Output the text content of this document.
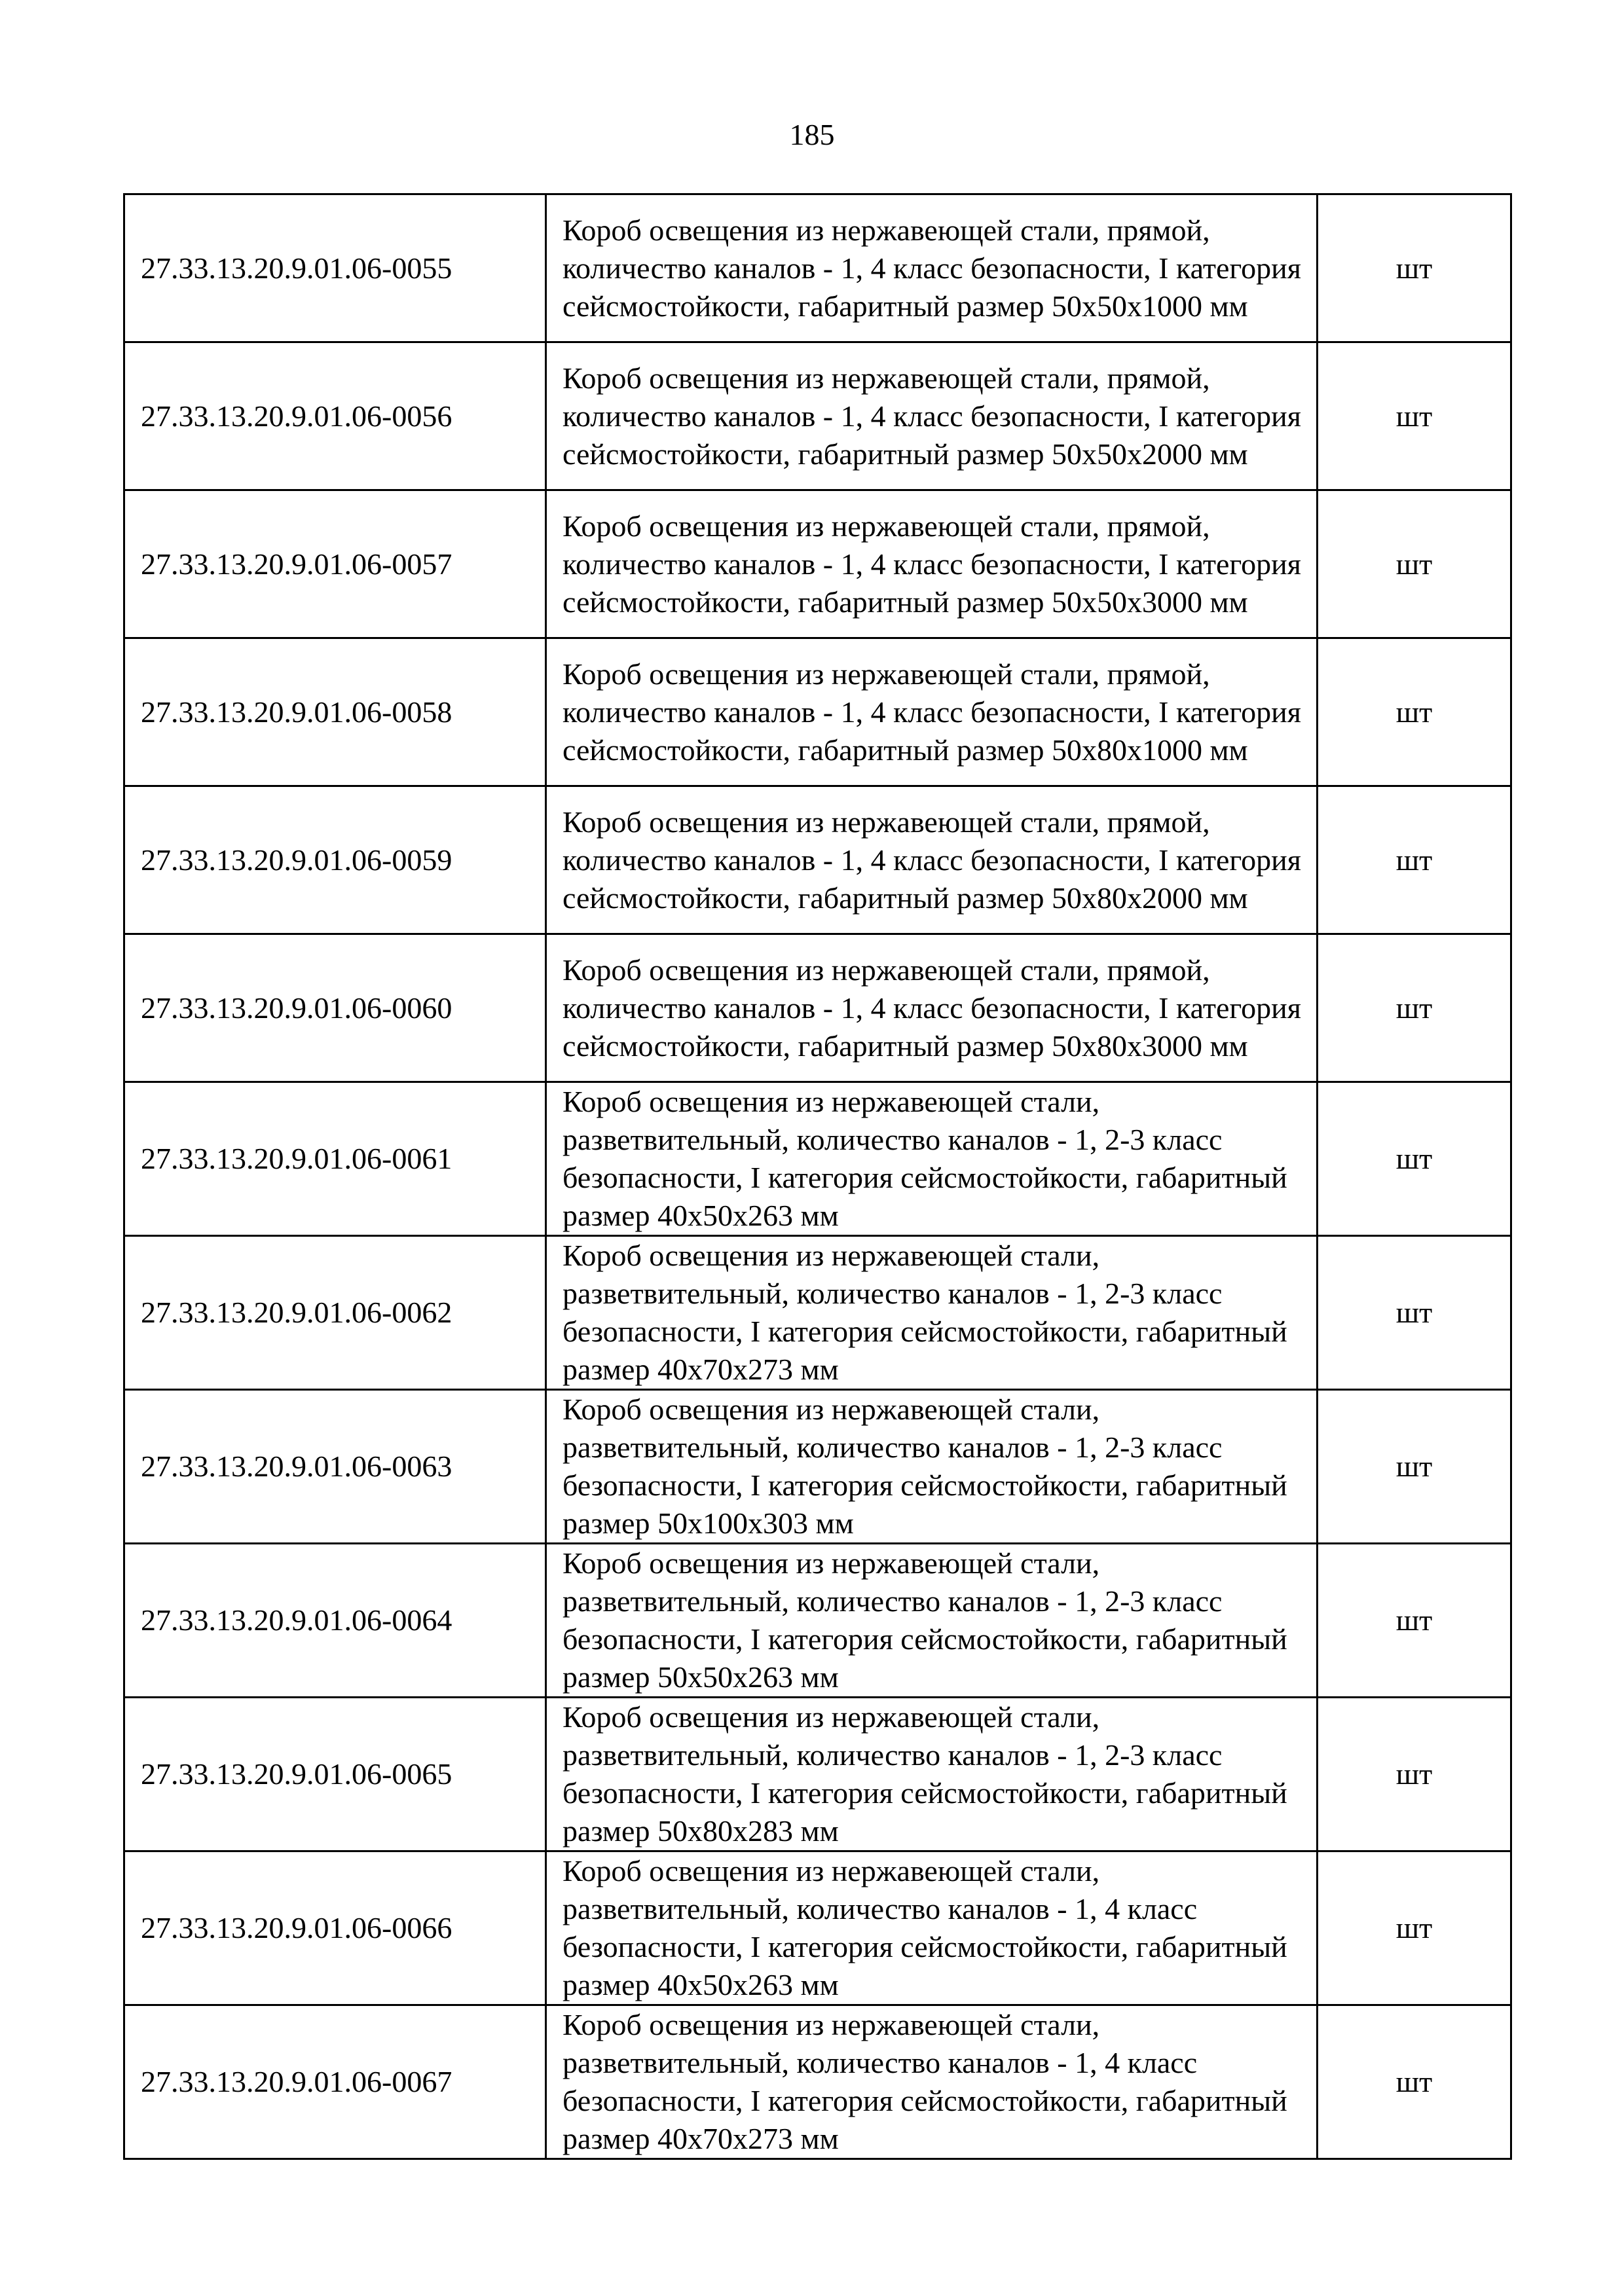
185
27.33.13.20.9.01.06-0055	Короб освещения из нержавеющей стали, прямой, количество каналов - 1, 4 класс безопасности, I категория сейсмостойкости, габаритный размер 50х50х1000 мм	шт
27.33.13.20.9.01.06-0056	Короб освещения из нержавеющей стали, прямой, количество каналов - 1, 4 класс безопасности, I категория сейсмостойкости, габаритный размер 50х50х2000 мм	шт
27.33.13.20.9.01.06-0057	Короб освещения из нержавеющей стали, прямой, количество каналов - 1, 4 класс безопасности, I категория сейсмостойкости, габаритный размер 50х50х3000 мм	шт
27.33.13.20.9.01.06-0058	Короб освещения из нержавеющей стали, прямой, количество каналов - 1, 4 класс безопасности, I категория сейсмостойкости, габаритный размер 50х80х1000 мм	шт
27.33.13.20.9.01.06-0059	Короб освещения из нержавеющей стали, прямой, количество каналов - 1, 4 класс безопасности, I категория сейсмостойкости, габаритный размер 50х80х2000 мм	шт
27.33.13.20.9.01.06-0060	Короб освещения из нержавеющей стали, прямой, количество каналов - 1, 4 класс безопасности, I категория сейсмостойкости, габаритный размер 50х80х3000 мм	шт
27.33.13.20.9.01.06-0061	Короб освещения из нержавеющей стали, разветвительный, количество каналов - 1, 2-3 класс безопасности, I категория сейсмостойкости, габаритный размер 40х50х263 мм	шт
27.33.13.20.9.01.06-0062	Короб освещения из нержавеющей стали, разветвительный, количество каналов - 1, 2-3 класс безопасности, I категория сейсмостойкости, габаритный размер 40х70х273 мм	шт
27.33.13.20.9.01.06-0063	Короб освещения из нержавеющей стали, разветвительный, количество каналов - 1, 2-3 класс безопасности, I категория сейсмостойкости, габаритный размер 50х100х303 мм	шт
27.33.13.20.9.01.06-0064	Короб освещения из нержавеющей стали, разветвительный, количество каналов - 1, 2-3 класс безопасности, I категория сейсмостойкости, габаритный размер 50х50х263 мм	шт
27.33.13.20.9.01.06-0065	Короб освещения из нержавеющей стали, разветвительный, количество каналов - 1, 2-3 класс безопасности, I категория сейсмостойкости, габаритный размер 50х80х283 мм	шт
27.33.13.20.9.01.06-0066	Короб освещения из нержавеющей стали, разветвительный, количество каналов - 1, 4 класс безопасности, I категория сейсмостойкости, габаритный размер 40х50х263 мм	шт
27.33.13.20.9.01.06-0067	Короб освещения из нержавеющей стали, разветвительный, количество каналов - 1, 4 класс безопасности, I категория сейсмостойкости, габаритный размер 40х70х273 мм	шт
